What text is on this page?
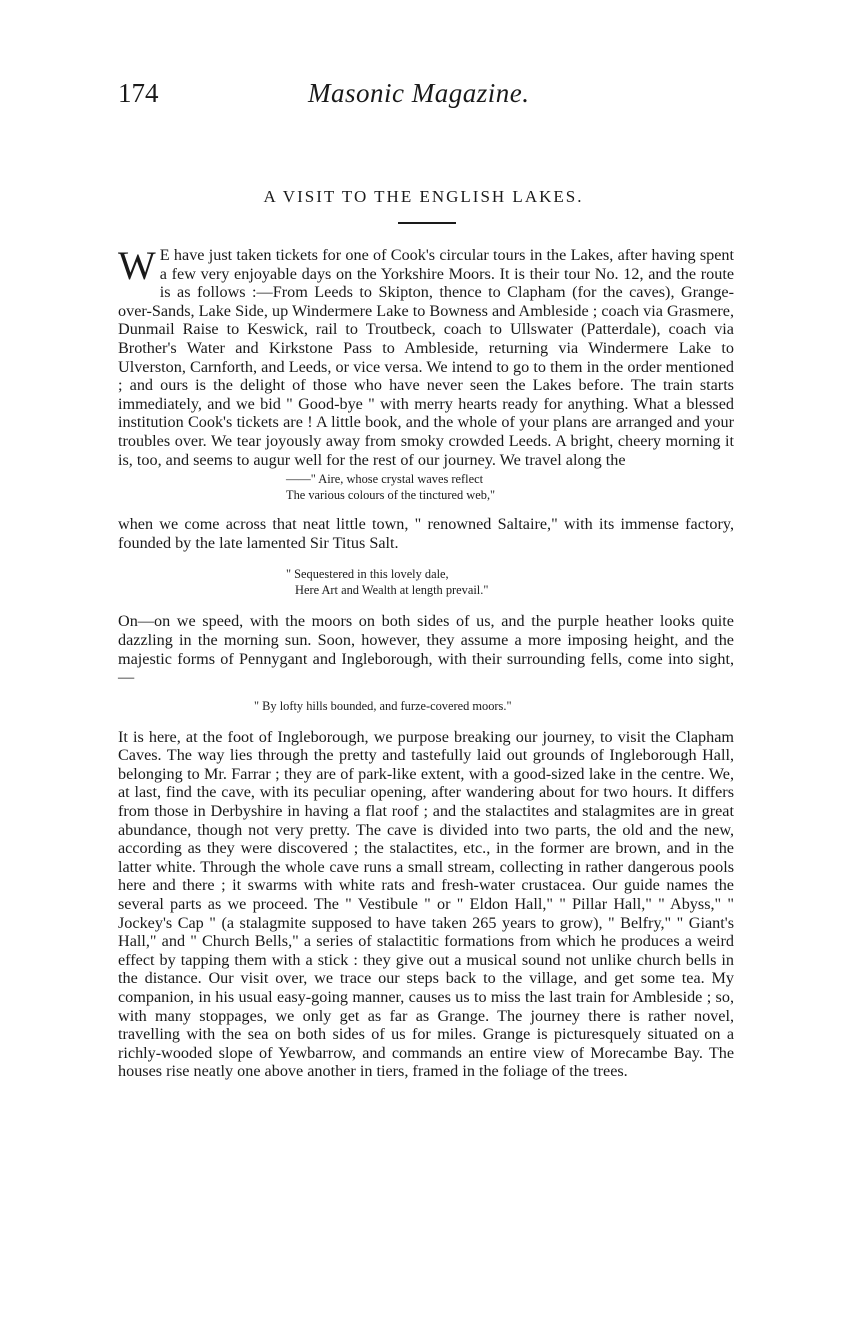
174	Masonic Magazine.
A VISIT TO THE ENGLISH LAKES.

W E have just taken tickets for one of Cook's circular tours in the Lakes, after having spent a few very enjoyable days on the Yorkshire Moors. It is their tour No. 12, and the route is as follows :—From Leeds to Skipton, thence to Clapham (for the caves), Grange-over-Sands, Lake Side, up Windermere Lake to Bowness and Ambleside ; coach via Grasmere, Dunmail Raise to Keswick, rail to Troutbeck, coach to Ullswater (Patterdale), coach via Brother's Water and Kirkstone Pass to Ambleside, returning via Windermere Lake to Ulverston, Carnforth, and Leeds, or vice versa. We intend to go to them in the order mentioned ; and ours is the delight of those who have never seen the Lakes before. The train starts immediately, and we bid " Good-bye " with merry hearts ready for anything. What a blessed institution Cook's tickets are ! A little book, and the whole of your plans are arranged and your troubles over. We tear joyously away from smoky crowded Leeds. A bright, cheery morning it is, too, and seems to augur well for the rest of our journey. We travel along the

——" Aire, whose crystal waves reflect
The various colours of the tinctured web,"

when we come across that neat little town, " renowned Saltaire," with its immense factory, founded by the late lamented Sir Titus Salt.

" Sequestered in this lovely dale,
Here Art and Wealth at length prevail."

On—on we speed, with the moors on both sides of us, and the purple heather looks quite dazzling in the morning sun. Soon, however, they assume a more imposing height, and the majestic forms of Pennygant and Ingleborough, with their surrounding fells, come into sight,—

" By lofty hills bounded, and furze-covered moors."

It is here, at the foot of Ingleborough, we purpose breaking our journey, to visit the Clapham Caves. The way lies through the pretty and tastefully laid out grounds of Ingleborough Hall, belonging to Mr. Farrar ; they are of park-like extent, with a good-sized lake in the centre. We, at last, find the cave, with its peculiar opening, after wandering about for two hours. It differs from those in Derbyshire in having a flat roof ; and the stalactites and stalagmites are in great abundance, though not very pretty. The cave is divided into two parts, the old and the new, according as they were discovered ; the stalactites, etc., in the former are brown, and in the latter white. Through the whole cave runs a small stream, collecting in rather dangerous pools here and there ; it swarms with white rats and fresh-water crustacea. Our guide names the several parts as we proceed. The " Vestibule " or " Eldon Hall," " Pillar Hall," " Abyss," " Jockey's Cap " (a stalagmite supposed to have taken 265 years to grow), " Belfry," " Giant's Hall," and " Church Bells," a series of stalactitic formations from which he produces a weird effect by tapping them with a stick : they give out a musical sound not unlike church bells in the distance. Our visit over, we trace our steps back to the village, and get some tea. My companion, in his usual easy-going manner, causes us to miss the last train for Ambleside ; so, with many stoppages, we only get as far as Grange. The journey there is rather novel, travelling with the sea on both sides of us for miles. Grange is picturesquely situated on a richly-wooded slope of Yewbarrow, and commands an entire view of Morecambe Bay. The houses rise neatly one above another in tiers, framed in the foliage of the trees.
